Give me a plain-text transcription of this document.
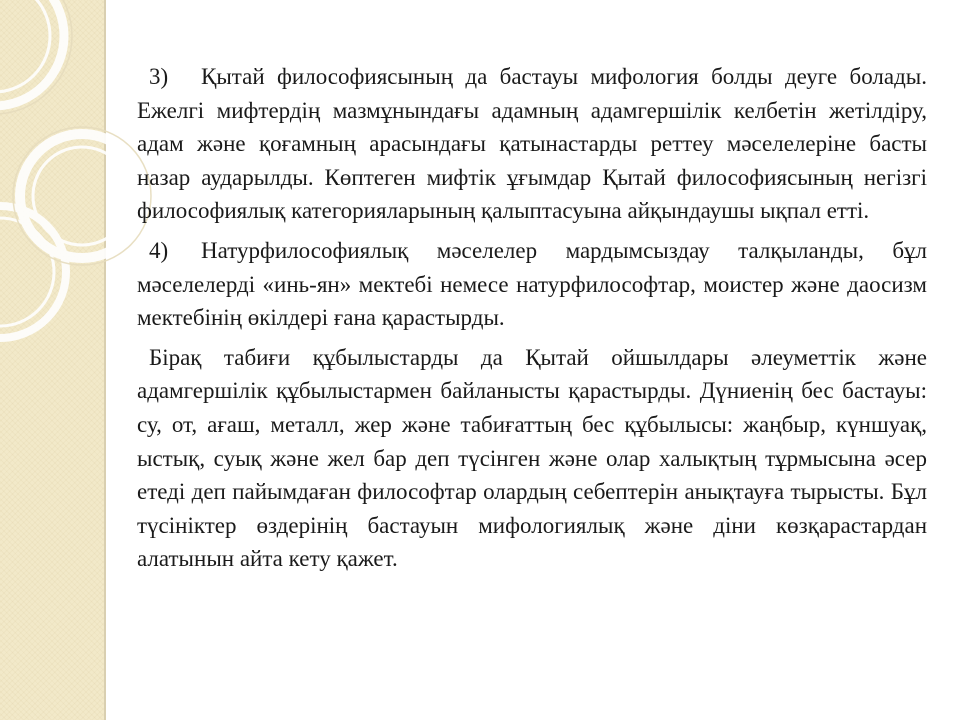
3) Қытай философиясының да бастауы мифология болды деуге болады. Ежелгі мифтердің мазмұнындағы адамның адамгершілік келбетін жетілдіру, адам және қоғамның арасындағы қатынастарды реттеу мәселелеріне басты назар аударылды. Көптеген мифтік ұғымдар Қытай философиясының негізгі философиялық категорияларының қалыптасуына айқындаушы ықпал етті.

4) Натурфилософиялық мәселелер мардымсыздау талқыланды, бұл мәселелерді «инь-ян» мектебі немесе натурфилософтар, моистер және даосизм мектебінің өкілдері ғана қарастырды.

Бірақ табиғи құбылыстарды да Қытай ойшылдары әлеуметтік және адамгершілік құбылыстармен байланысты қарастырды. Дүниенің бес бастауы: су, от, ағаш, металл, жер және табиғаттың бес құбылысы: жаңбыр, күншуақ, ыстық, суық және жел бар деп түсінген және олар халықтың тұрмысына әсер етеді деп пайымдаған философтар олардың себептерін анықтауға тырысты. Бұл түсініктер өздерінің бастауын мифологиялық және діни көзқарастардан алатынын айта кету қажет.
